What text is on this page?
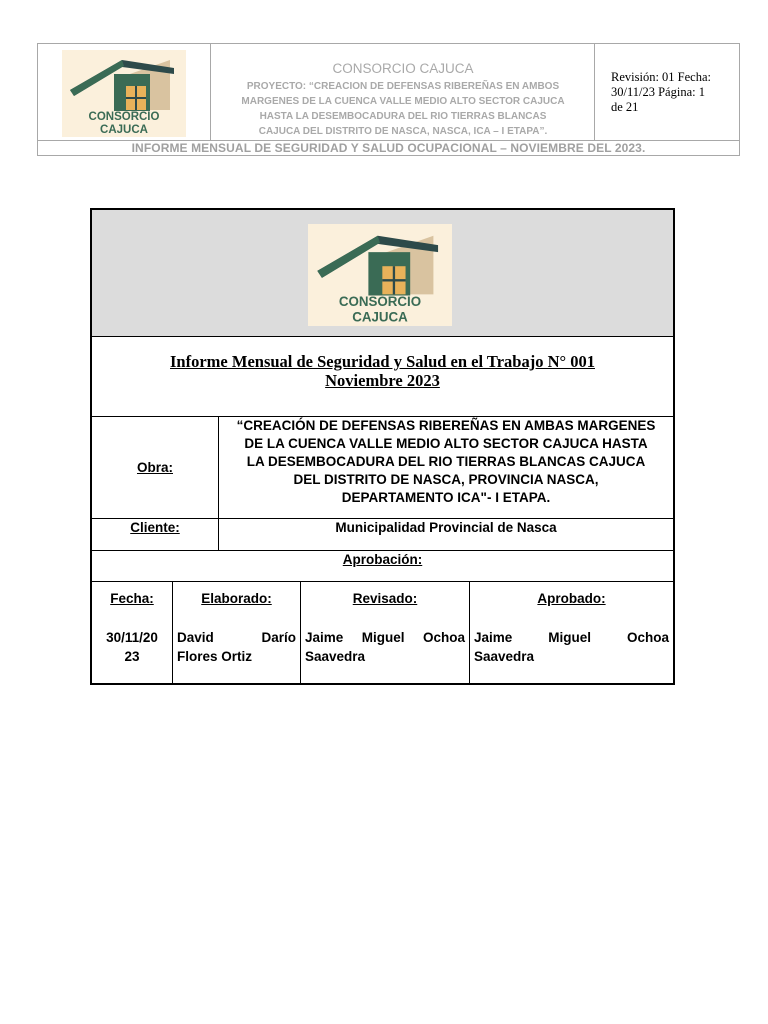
CONSORCIO
CAJUCA
CONSORCIO CAJUCA
PROYECTO: “CREACION DE DEFENSAS RIBEREÑAS EN AMBOS
MARGENES DE LA CUENCA VALLE MEDIO ALTO SECTOR CAJUCA
HASTA LA DESEMBOCADURA DEL RIO TIERRAS BLANCAS
CAJUCA DEL DISTRITO DE NASCA, NASCA, ICA – I ETAPA”.
Revisión: 01 Fecha:
30/11/23 Página: 1
de 21
INFORME MENSUAL DE SEGURIDAD Y SALUD OCUPACIONAL – NOVIEMBRE DEL 2023.
CONSORCIO
CAJUCA
Informe Mensual de Seguridad y Salud en el Trabajo N° 001
Noviembre 2023
Obra:
“CREACIÓN DE DEFENSAS RIBEREÑAS EN AMBAS MARGENES
DE LA CUENCA VALLE MEDIO ALTO SECTOR CAJUCA HASTA
LA DESEMBOCADURA DEL RIO TIERRAS BLANCAS CAJUCA
DEL DISTRITO DE NASCA, PROVINCIA NASCA,
DEPARTAMENTO ICA"- I ETAPA.
Cliente:	Municipalidad Provincial de Nasca
Aprobación:
Fecha:
30/11/20
23
Elaborado:
David Darío
Flores Ortiz
Revisado:
Jaime Miguel Ochoa
Saavedra
Aprobado:
Jaime Miguel Ochoa
Saavedra
